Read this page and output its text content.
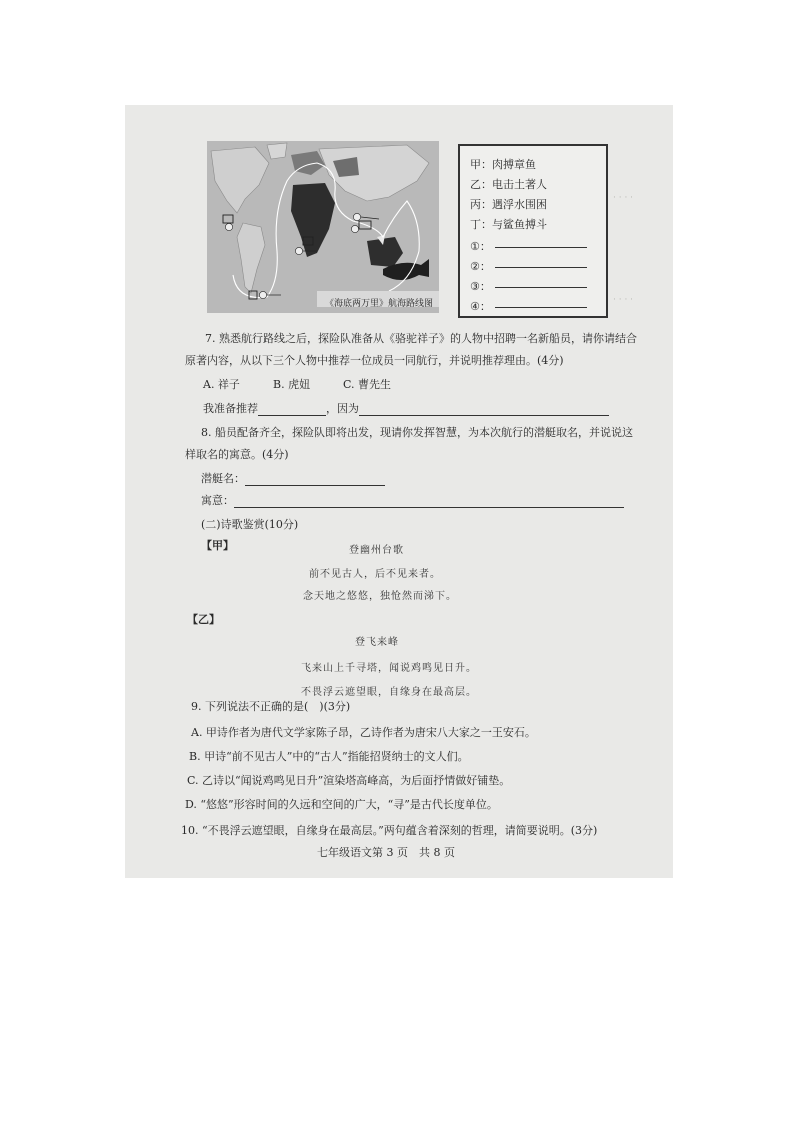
《海底两万里》航海路线图
甲：肉搏章鱼
乙：电击土著人
丙：遇浮水围困
丁：与鲨鱼搏斗
①：
②：
③：
④：
· · · ·
· · · ·
7. 熟悉航行路线之后，探险队准备从《骆驼祥子》的人物中招聘一名新船员，请你请结合
原著内容，从以下三个人物中推荐一位成员一同航行，并说明推荐理由。(4分)
A. 祥子	B. 虎妞	C. 曹先生
我准备推荐	，因为
8. 船员配备齐全，探险队即将出发，现请你发挥智慧，为本次航行的潜艇取名，并说说这
样取名的寓意。(4分)
潜艇名：
寓意：
(二)诗歌鉴赏(10分)
【甲】	登幽州台歌
前不见古人，后不见来者。
念天地之悠悠，独怆然而涕下。
【乙】
登飞来峰
飞来山上千寻塔，闻说鸡鸣见日升。
不畏浮云遮望眼，自缘身在最高层。
9. 下列说法不正确的是(　)(3分)
A. 甲诗作者为唐代文学家陈子昂，乙诗作者为唐宋八大家之一王安石。
B. 甲诗“前不见古人”中的“古人”指能招贤纳士的文人们。
C. 乙诗以“闻说鸡鸣见日升”渲染塔高峰高，为后面抒情做好铺垫。
D. “悠悠”形容时间的久远和空间的广大，“寻”是古代长度单位。
10. “不畏浮云遮望眼，自缘身在最高层。”两句蕴含着深刻的哲理，请简要说明。(3分)
七年级语文第 3 页　共 8 页
